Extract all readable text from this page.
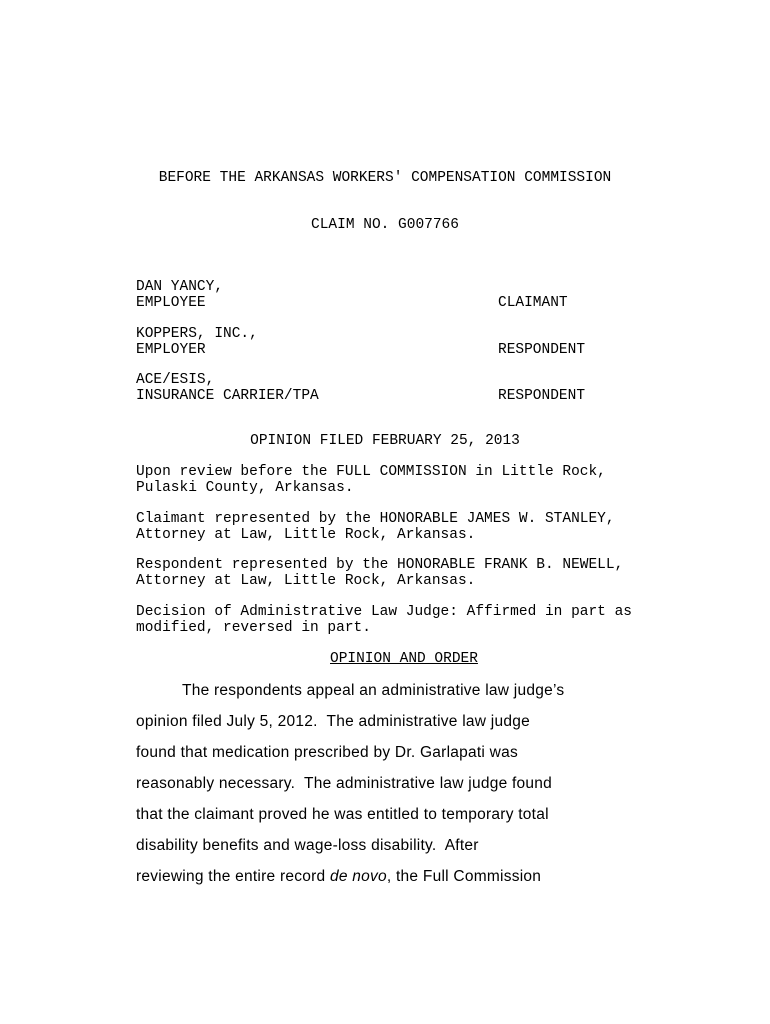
BEFORE THE ARKANSAS WORKERS' COMPENSATION COMMISSION
CLAIM NO. G007766
DAN YANCY,
EMPLOYEE	CLAIMANT
KOPPERS, INC.,
EMPLOYER	RESPONDENT
ACE/ESIS,
INSURANCE CARRIER/TPA	RESPONDENT
OPINION FILED FEBRUARY 25, 2013
Upon review before the FULL COMMISSION in Little Rock,
Pulaski County, Arkansas.
Claimant represented by the HONORABLE JAMES W. STANLEY,
Attorney at Law, Little Rock, Arkansas.
Respondent represented by the HONORABLE FRANK B. NEWELL,
Attorney at Law, Little Rock, Arkansas.
Decision of Administrative Law Judge: Affirmed in part as
modified, reversed in part.
OPINION AND ORDER
The respondents appeal an administrative law judge’s
opinion filed July 5, 2012.  The administrative law judge
found that medication prescribed by Dr. Garlapati was
reasonably necessary.  The administrative law judge found
that the claimant proved he was entitled to temporary total
disability benefits and wage-loss disability.  After
reviewing the entire record de novo, the Full Commission
